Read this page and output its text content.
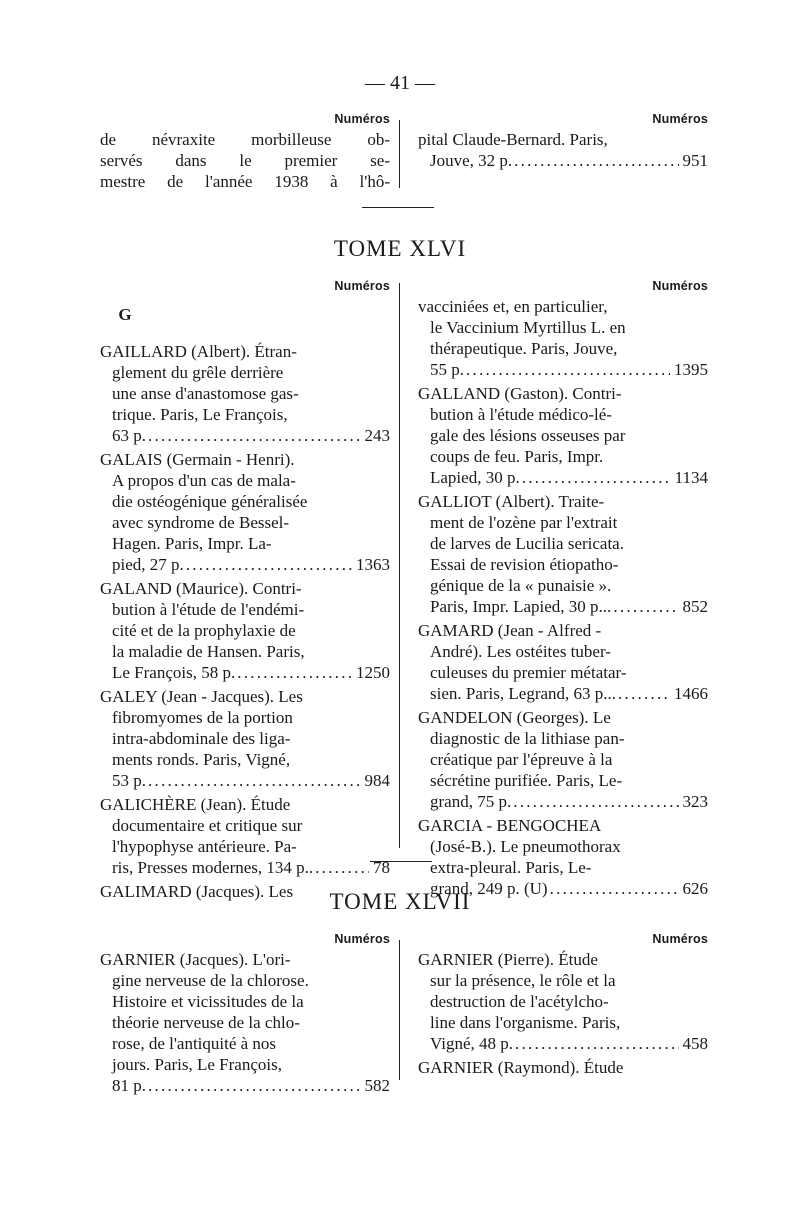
— 41 —
Numéros
de névraxite morbilleuse ob-
servés dans le premier se-
mestre de l'année 1938 à l'hô-
Numéros
pital Claude-Bernard. Paris,
Jouve, 32 p. . . .	951
TOME XLVI
Numéros
G
GAILLARD (Albert). Étran-
glement du grêle derrière
une anse d'anastomose gas-
trique. Paris, Le François,
63 p. . . .	243
GALAIS (Germain - Henri).
A propos d'un cas de mala-
die ostéogénique généralisée
avec syndrome de Bessel-
Hagen. Paris, Impr. La-
pied, 27 p. . . .	1363
GALAND (Maurice). Contri-
bution à l'étude de l'endémi-
cité et de la prophylaxie de
la maladie de Hansen. Paris,
Le François, 58 p. . . .	1250
GALEY (Jean - Jacques). Les
fibromyomes de la portion
intra-abdominale des liga-
ments ronds. Paris, Vigné,
53 p. . . .	984
GALICHÈRE (Jean). Étude
documentaire et critique sur
l'hypophyse antérieure. Pa-
ris, Presses modernes, 134 p.. . . .	78
GALIMARD (Jacques). Les
Numéros
vacciniées et, en particulier,
le Vaccinium Myrtillus L. en
thérapeutique. Paris, Jouve,
55 p. . . .	1395
GALLAND (Gaston). Contri-
bution à l'étude médico-lé-
gale des lésions osseuses par
coups de feu. Paris, Impr.
Lapied, 30 p. . . .	1134
GALLIOT (Albert). Traite-
ment de l'ozène par l'extrait
de larves de Lucilia sericata.
Essai de revision étiopatho-
génique de la « punaisie ».
Paris, Impr. Lapied, 30 p... . . .	852
GAMARD (Jean - Alfred -
André). Les ostéites tuber-
culeuses du premier métatar-
sien. Paris, Legrand, 63 p... . . .	1466
GANDELON (Georges). Le
diagnostic de la lithiase pan-
créatique par l'épreuve à la
sécrétine purifiée. Paris, Le-
grand, 75 p. . . .	323
GARCIA - BENGOCHEA
(José-B.). Le pneumothorax
extra-pleural. Paris, Le-
grand, 249 p. (U) . . .	626
TOME XLVII
Numéros
GARNIER (Jacques). L'ori-
gine nerveuse de la chlorose.
Histoire et vicissitudes de la
théorie nerveuse de la chlo-
rose, de l'antiquité à nos
jours. Paris, Le François,
81 p. . . .	582
Numéros
GARNIER (Pierre). Étude
sur la présence, le rôle et la
destruction de l'acétylcho-
line dans l'organisme. Paris,
Vigné, 48 p. . . .	458
GARNIER (Raymond). Étude
